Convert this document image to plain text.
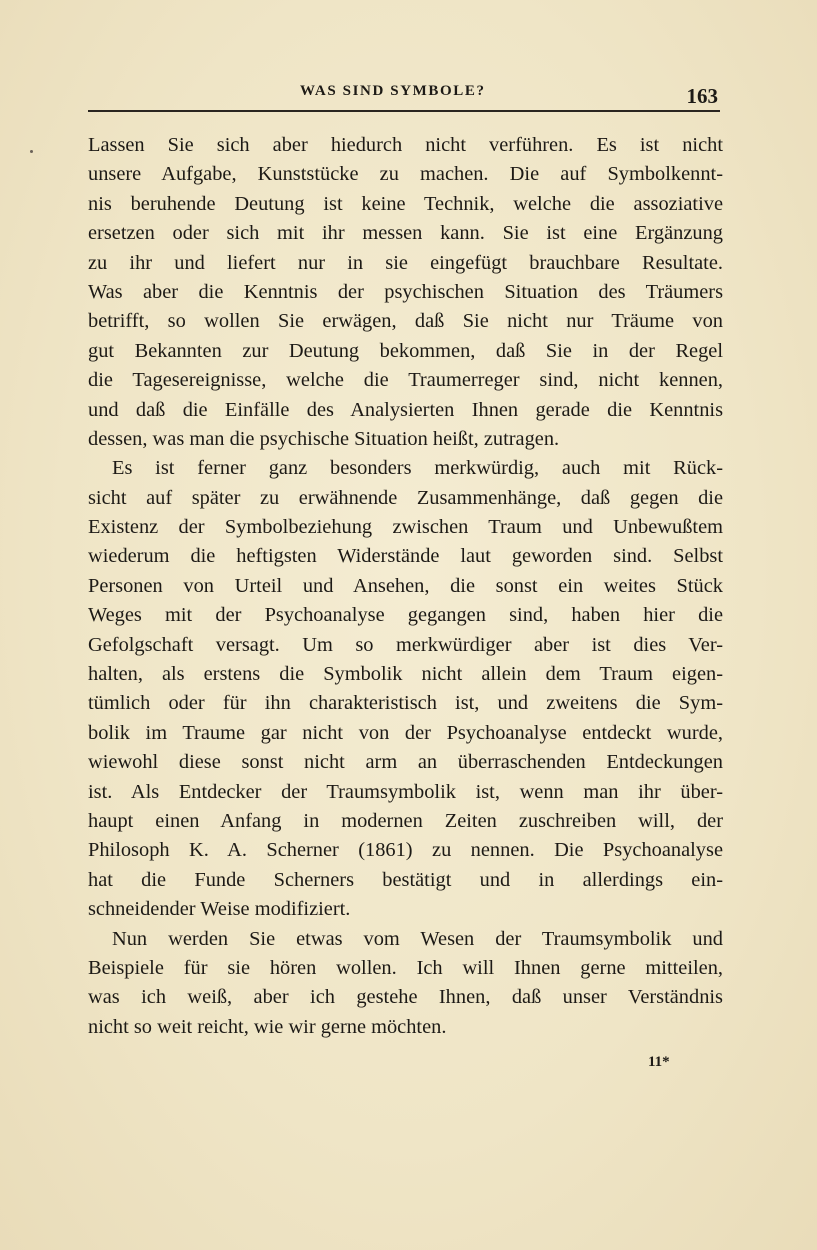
WAS SIND SYMBOLE?	163
Lassen Sie sich aber hiedurch nicht verführen. Es ist nicht
unsere Aufgabe, Kunststücke zu machen. Die auf Symbolkennt-
nis beruhende Deutung ist keine Technik, welche die assoziative
ersetzen oder sich mit ihr messen kann. Sie ist eine Ergänzung
zu ihr und liefert nur in sie eingefügt brauchbare Resultate.
Was aber die Kenntnis der psychischen Situation des Träumers
betrifft, so wollen Sie erwägen, daß Sie nicht nur Träume von
gut Bekannten zur Deutung bekommen, daß Sie in der Regel
die Tagesereignisse, welche die Traumerreger sind, nicht kennen,
und daß die Einfälle des Analysierten Ihnen gerade die Kenntnis
dessen, was man die psychische Situation heißt, zutragen.
Es ist ferner ganz besonders merkwürdig, auch mit Rück-
sicht auf später zu erwähnende Zusammenhänge, daß gegen die
Existenz der Symbolbeziehung zwischen Traum und Unbewußtem
wiederum die heftigsten Widerstände laut geworden sind. Selbst
Personen von Urteil und Ansehen, die sonst ein weites Stück
Weges mit der Psychoanalyse gegangen sind, haben hier die
Gefolgschaft versagt. Um so merkwürdiger aber ist dies Ver-
halten, als erstens die Symbolik nicht allein dem Traum eigen-
tümlich oder für ihn charakteristisch ist, und zweitens die Sym-
bolik im Traume gar nicht von der Psychoanalyse entdeckt wurde,
wiewohl diese sonst nicht arm an überraschenden Entdeckungen
ist. Als Entdecker der Traumsymbolik ist, wenn man ihr über-
haupt einen Anfang in modernen Zeiten zuschreiben will, der
Philosoph K. A. Scherner (1861) zu nennen. Die Psychoanalyse
hat die Funde Scherners bestätigt und in allerdings ein-
schneidender Weise modifiziert.
Nun werden Sie etwas vom Wesen der Traumsymbolik und
Beispiele für sie hören wollen. Ich will Ihnen gerne mitteilen,
was ich weiß, aber ich gestehe Ihnen, daß unser Verständnis
nicht so weit reicht, wie wir gerne möchten.
11*
